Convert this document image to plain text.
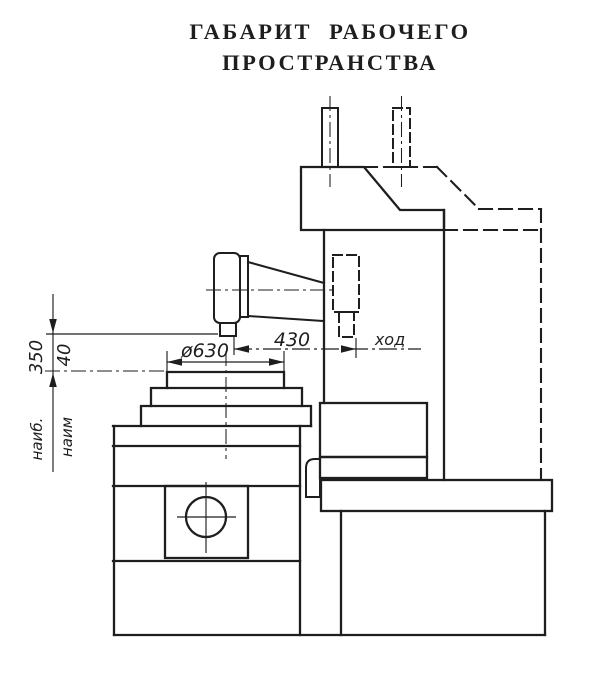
ГАБАРИТ РАБОЧЕГО
ПРОСТРАНСТВА
350 40
наиб. наим
430	ход
ø630
